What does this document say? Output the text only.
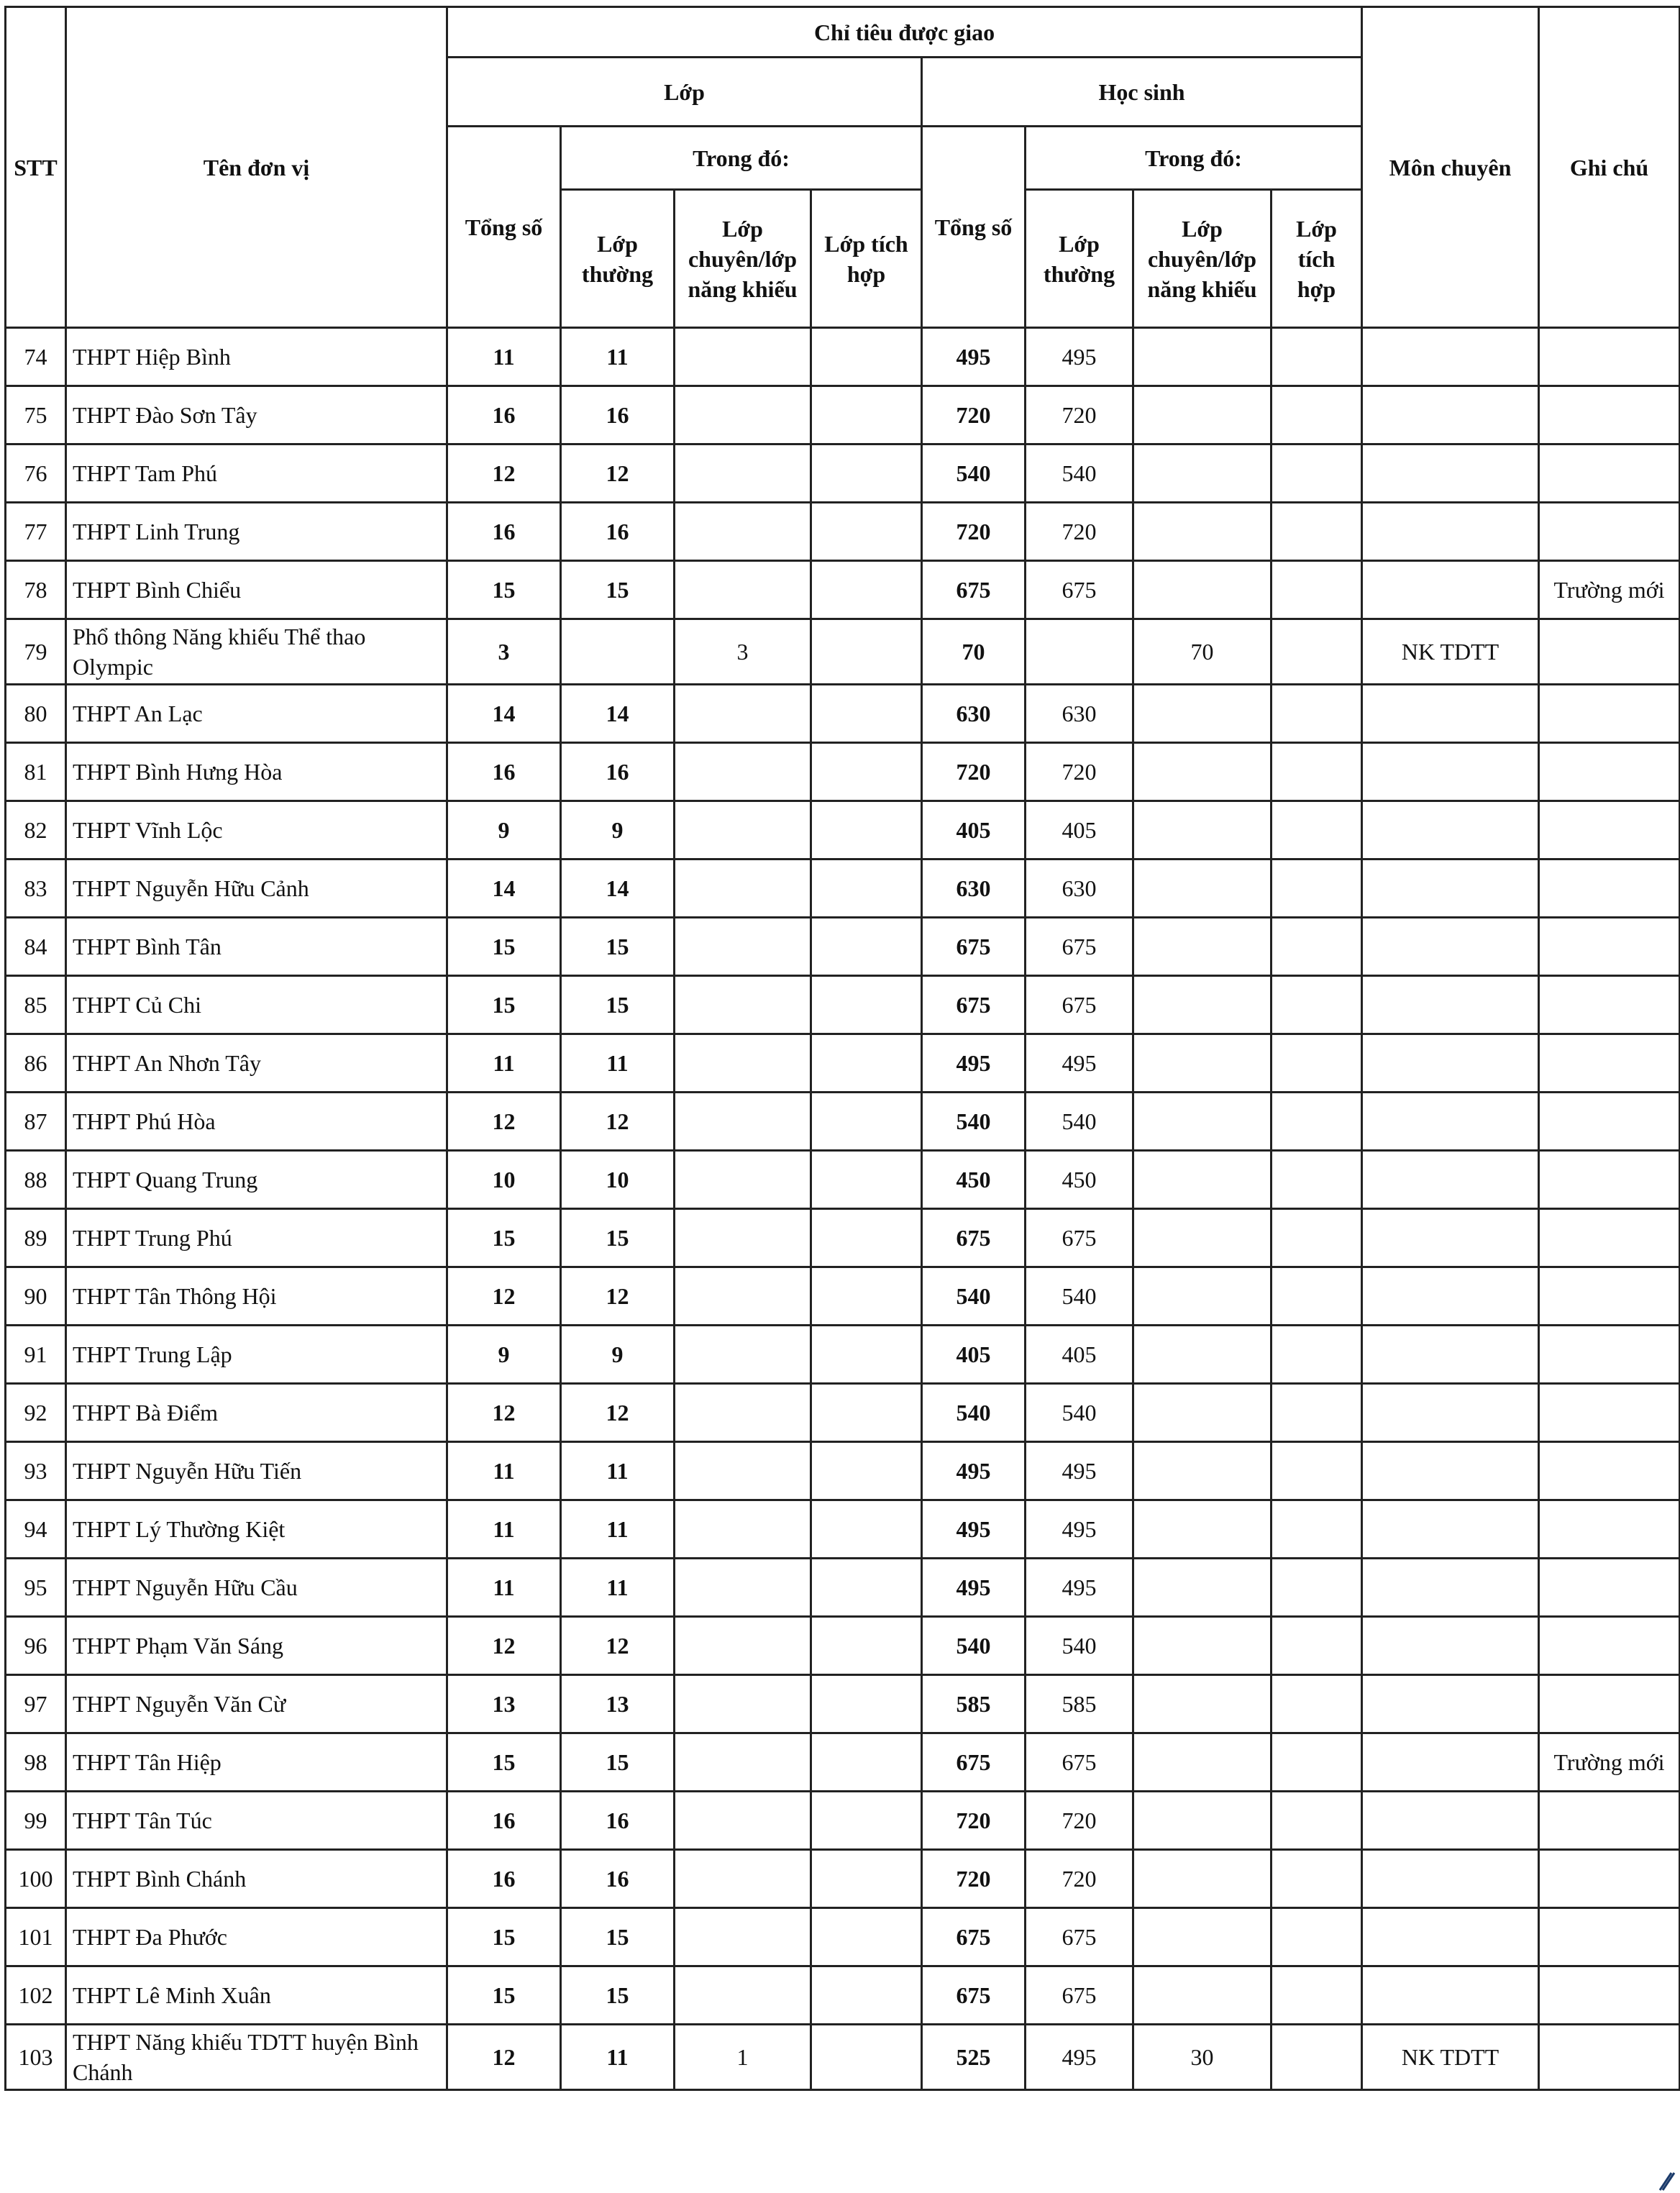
STT	Tên đơn vị	Chỉ tiêu được giao								Môn chuyên	Ghi chú
		Lớp				Học sinh					
		Tổng số	Trong đó:			Tổng số	Trong đó:				
			Lớp thường	Lớp chuyên/lớp năng khiếu	Lớp tích hợp		Lớp thường	Lớp chuyên/lớp năng khiếu	Lớp tích hợp		
74	THPT Hiệp Bình	11	11			495	495				
75	THPT Đào Sơn Tây	16	16			720	720				
76	THPT Tam Phú	12	12			540	540				
77	THPT Linh Trung	16	16			720	720				
78	THPT Bình Chiểu	15	15			675	675				Trường mới
79	Phổ thông Năng khiếu Thể thao Olympic	3		3		70		70		NK TDTT	
80	THPT An Lạc	14	14			630	630				
81	THPT Bình Hưng Hòa	16	16			720	720				
82	THPT Vĩnh Lộc	9	9			405	405				
83	THPT Nguyễn Hữu Cảnh	14	14			630	630				
84	THPT Bình Tân	15	15			675	675				
85	THPT Củ Chi	15	15			675	675				
86	THPT An Nhơn Tây	11	11			495	495				
87	THPT Phú Hòa	12	12			540	540				
88	THPT Quang Trung	10	10			450	450				
89	THPT Trung Phú	15	15			675	675				
90	THPT Tân Thông Hội	12	12			540	540				
91	THPT Trung Lập	9	9			405	405				
92	THPT Bà Điểm	12	12			540	540				
93	THPT Nguyễn Hữu Tiến	11	11			495	495				
94	THPT Lý Thường Kiệt	11	11			495	495				
95	THPT Nguyễn Hữu Cầu	11	11			495	495				
96	THPT Phạm Văn Sáng	12	12			540	540				
97	THPT Nguyễn Văn Cừ	13	13			585	585				
98	THPT Tân Hiệp	15	15			675	675				Trường mới
99	THPT Tân Túc	16	16			720	720				
100	THPT Bình Chánh	16	16			720	720				
101	THPT Đa Phước	15	15			675	675				
102	THPT Lê Minh Xuân	15	15			675	675				
103	THPT Năng khiếu TDTT huyện Bình Chánh	12	11	1		525	495	30		NK TDTT	
